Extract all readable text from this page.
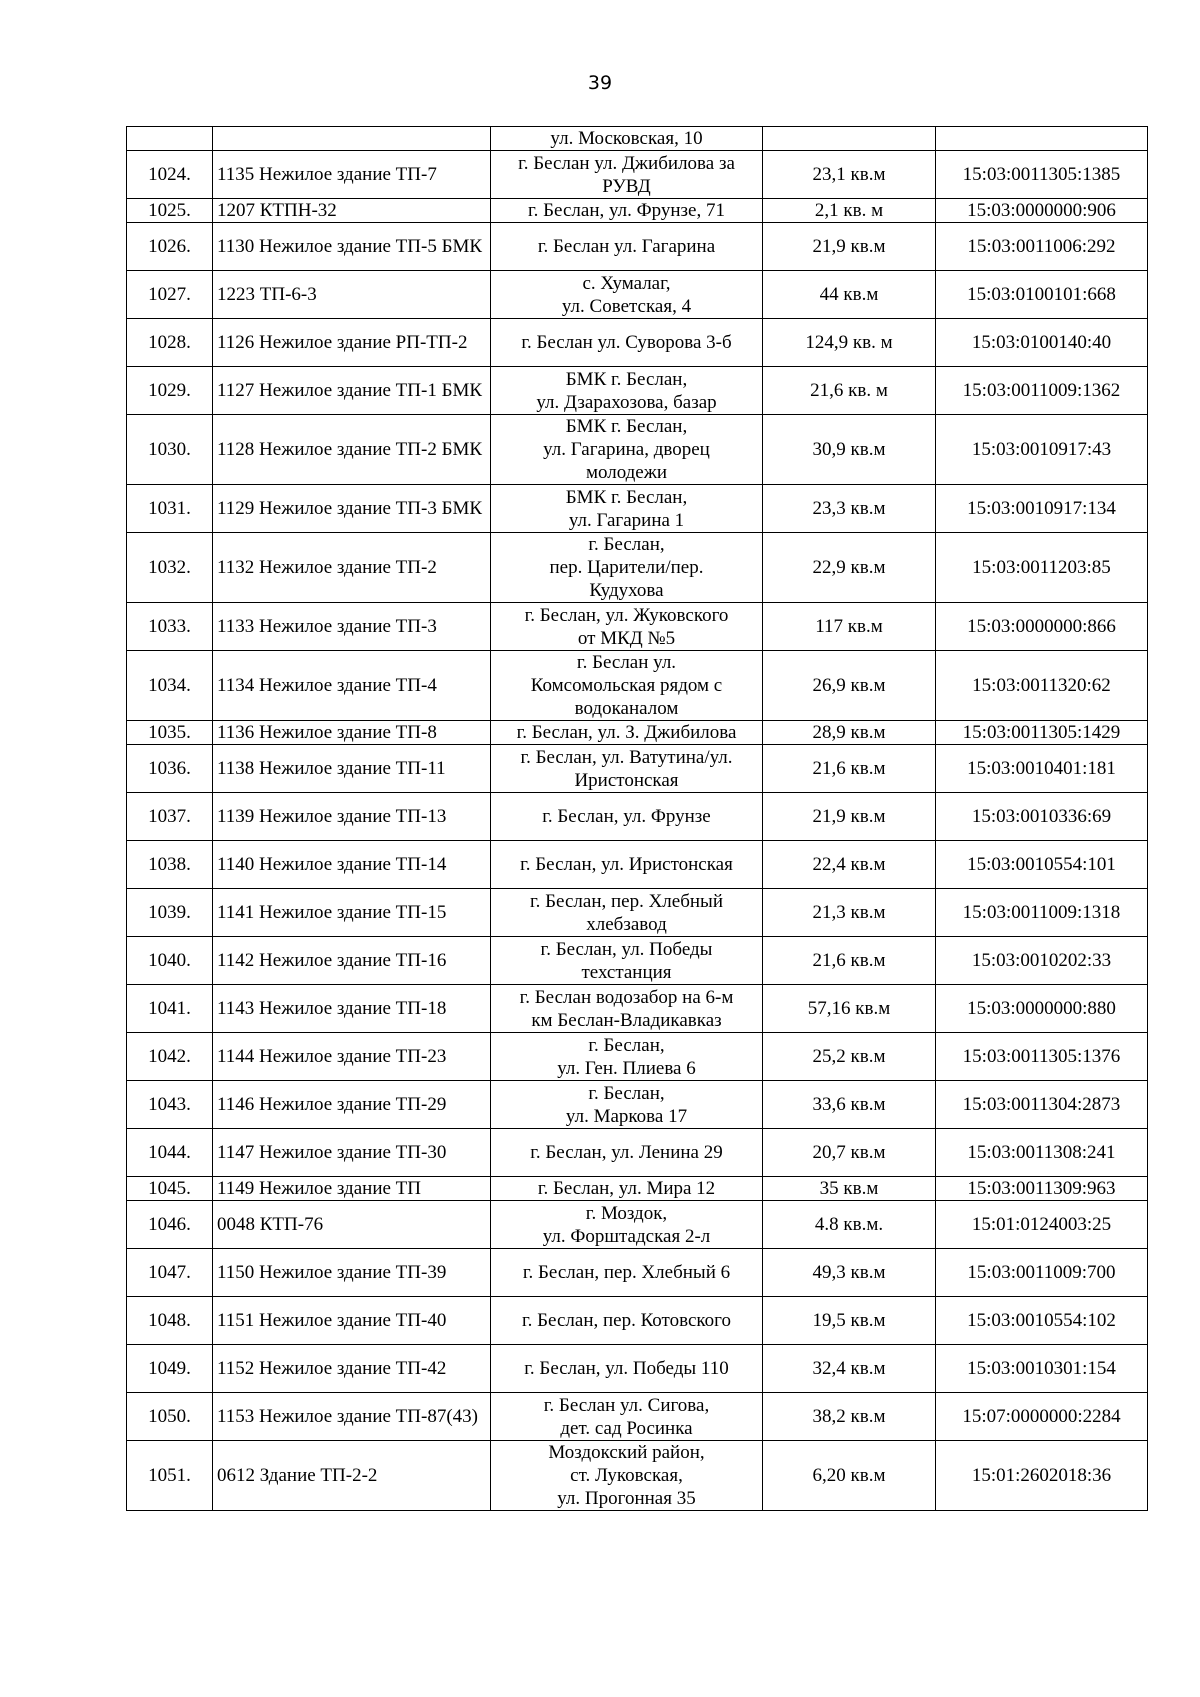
39
		ул. Московская, 10		
1024.	1135 Нежилое здание ТП-7	г. Беслан ул. Джибилова за
РУВД	23,1 кв.м	15:03:0011305:1385
1025.	1207 КТПН-32	г. Беслан, ул. Фрунзе, 71	2,1 кв. м	15:03:0000000:906
1026.	1130 Нежилое здание ТП-5 БМК	г. Беслан ул. Гагарина	21,9 кв.м	15:03:0011006:292
1027.	1223 ТП-6-3	с. Хумалаг,
ул. Советская, 4	44 кв.м	15:03:0100101:668
1028.	1126 Нежилое здание РП-ТП-2	г. Беслан ул. Суворова 3-б	124,9 кв. м	15:03:0100140:40
1029.	1127 Нежилое здание ТП-1 БМК	БМК г. Беслан,
ул. Дзарахозова, базар	21,6 кв. м	15:03:0011009:1362
1030.	1128 Нежилое здание ТП-2 БМК	БМК г. Беслан,
ул. Гагарина, дворец
молодежи	30,9 кв.м	15:03:0010917:43
1031.	1129 Нежилое здание ТП-3 БМК	БМК г. Беслан,
ул. Гагарина 1	23,3 кв.м	15:03:0010917:134
1032.	1132 Нежилое здание ТП-2	г. Беслан,
пер. Царители/пер.
Кудухова	22,9 кв.м	15:03:0011203:85
1033.	1133 Нежилое здание ТП-3	г. Беслан, ул. Жуковского
от МКД №5	117 кв.м	15:03:0000000:866
1034.	1134 Нежилое здание ТП-4	г. Беслан ул.
Комсомольская рядом с
водоканалом	26,9 кв.м	15:03:0011320:62
1035.	1136 Нежилое здание ТП-8	г. Беслан, ул. З. Джибилова	28,9 кв.м	15:03:0011305:1429
1036.	1138 Нежилое здание ТП-11	г. Беслан, ул. Ватутина/ул.
Иристонская	21,6 кв.м	15:03:0010401:181
1037.	1139 Нежилое здание ТП-13	г. Беслан, ул. Фрунзе	21,9 кв.м	15:03:0010336:69
1038.	1140 Нежилое здание ТП-14	г. Беслан, ул. Иристонская	22,4 кв.м	15:03:0010554:101
1039.	1141 Нежилое здание ТП-15	г. Беслан, пер. Хлебный
хлебзавод	21,3 кв.м	15:03:0011009:1318
1040.	1142 Нежилое здание ТП-16	г. Беслан, ул. Победы
техстанция	21,6 кв.м	15:03:0010202:33
1041.	1143 Нежилое здание ТП-18	г. Беслан водозабор на 6-м
км Беслан-Владикавказ	57,16 кв.м	15:03:0000000:880
1042.	1144 Нежилое здание ТП-23	г. Беслан,
ул. Ген. Плиева 6	25,2 кв.м	15:03:0011305:1376
1043.	1146 Нежилое здание ТП-29	г. Беслан,
ул. Маркова 17	33,6 кв.м	15:03:0011304:2873
1044.	1147 Нежилое здание ТП-30	г. Беслан, ул. Ленина 29	20,7 кв.м	15:03:0011308:241
1045.	1149 Нежилое здание ТП	г. Беслан, ул. Мира 12	35 кв.м	15:03:0011309:963
1046.	0048 КТП-76	г. Моздок,
ул. Форштадская 2-л	4.8 кв.м.	15:01:0124003:25
1047.	1150 Нежилое здание ТП-39	г. Беслан, пер. Хлебный 6	49,3 кв.м	15:03:0011009:700
1048.	1151 Нежилое здание ТП-40	г. Беслан, пер. Котовского	19,5 кв.м	15:03:0010554:102
1049.	1152 Нежилое здание ТП-42	г. Беслан, ул. Победы 110	32,4 кв.м	15:03:0010301:154
1050.	1153 Нежилое здание ТП-87(43)	г. Беслан ул. Сигова,
дет. сад Росинка	38,2 кв.м	15:07:0000000:2284
1051.	0612 Здание ТП-2-2	Моздокский район,
ст. Луковская,
ул. Прогонная 35	6,20 кв.м	15:01:2602018:36
